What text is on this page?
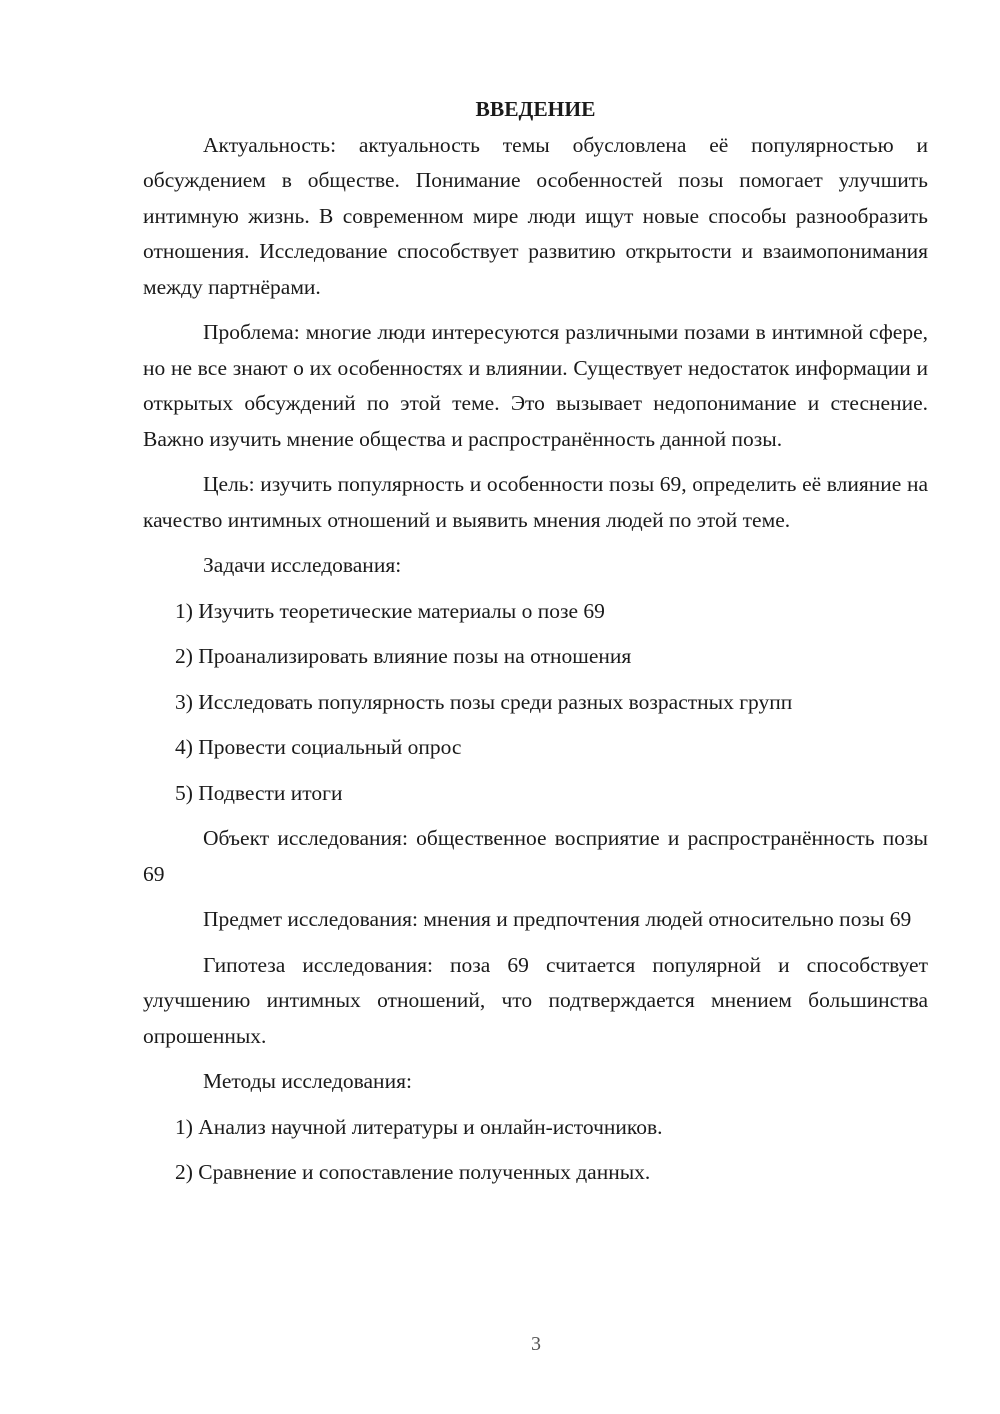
ВВЕДЕНИЕ

Актуальность: актуальность темы обусловлена её популярностью и обсуждением в обществе. Понимание особенностей позы помогает улучшить интимную жизнь. В современном мире люди ищут новые способы разнообразить отношения. Исследование способствует развитию открытости и взаимопонимания между партнёрами.

Проблема: многие люди интересуются различными позами в интимной сфере, но не все знают о их особенностях и влиянии. Существует недостаток информации и открытых обсуждений по этой теме. Это вызывает недопонимание и стеснение. Важно изучить мнение общества и распространённость данной позы.

Цель: изучить популярность и особенности позы 69, определить её влияние на качество интимных отношений и выявить мнения людей по этой теме.

Задачи исследования:
1) Изучить теоретические материалы о позе 69
2) Проанализировать влияние позы на отношения
3) Исследовать популярность позы среди разных возрастных групп
4) Провести социальный опрос
5) Подвести итоги

Объект исследования: общественное восприятие и распространённость позы 69

Предмет исследования: мнения и предпочтения людей относительно позы 69

Гипотеза исследования: поза 69 считается популярной и способствует улучшению интимных отношений, что подтверждается мнением большинства опрошенных.

Методы исследования:
1) Анализ научной литературы и онлайн-источников.
2) Сравнение и сопоставление полученных данных.
3
